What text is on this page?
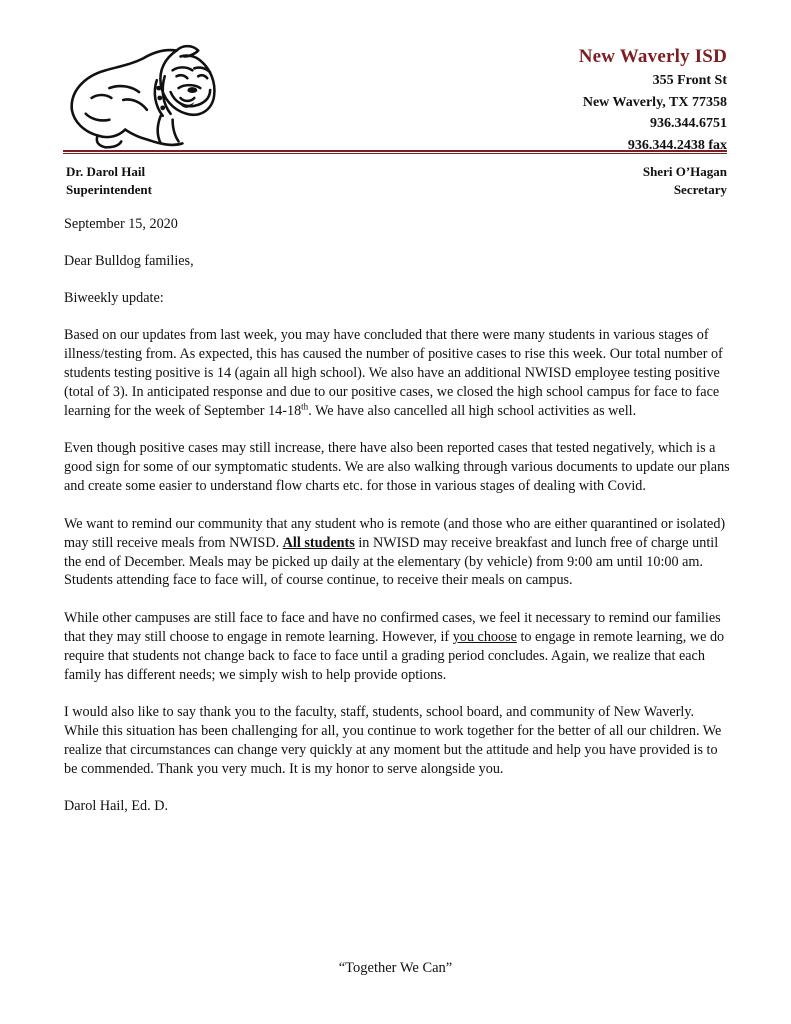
New Waverly ISD
355 Front St
New Waverly, TX 77358
936.344.6751
936.344.2438 fax
Dr. Darol Hail
Superintendent
Sheri O’Hagan
Secretary

September 15, 2020

Dear Bulldog families,

Biweekly update:

Based on our updates from last week, you may have concluded that there were many students in various stages of illness/testing from. As expected, this has caused the number of positive cases to rise this week. Our total number of students testing positive is 14 (again all high school). We also have an additional NWISD employee testing positive (total of 3). In anticipated response and due to our positive cases, we closed the high school campus for face to face learning for the week of September 14-18th. We have also cancelled all high school activities as well.

Even though positive cases may still increase, there have also been reported cases that tested negatively, which is a good sign for some of our symptomatic students. We are also walking through various documents to update our plans and create some easier to understand flow charts etc. for those in various stages of dealing with Covid.

We want to remind our community that any student who is remote (and those who are either quarantined or isolated) may still receive meals from NWISD. All students in NWISD may receive breakfast and lunch free of charge until the end of December. Meals may be picked up daily at the elementary (by vehicle) from 9:00 am until 10:00 am. Students attending face to face will, of course continue, to receive their meals on campus.

While other campuses are still face to face and have no confirmed cases, we feel it necessary to remind our families that they may still choose to engage in remote learning. However, if you choose to engage in remote learning, we do require that students not change back to face to face until a grading period concludes. Again, we realize that each family has different needs; we simply wish to help provide options.

I would also like to say thank you to the faculty, staff, students, school board, and community of New Waverly. While this situation has been challenging for all, you continue to work together for the better of all our children. We realize that circumstances can change very quickly at any moment but the attitude and help you have provided is to be commended. Thank you very much. It is my honor to serve alongside you.

Darol Hail, Ed. D.

“Together We Can”
